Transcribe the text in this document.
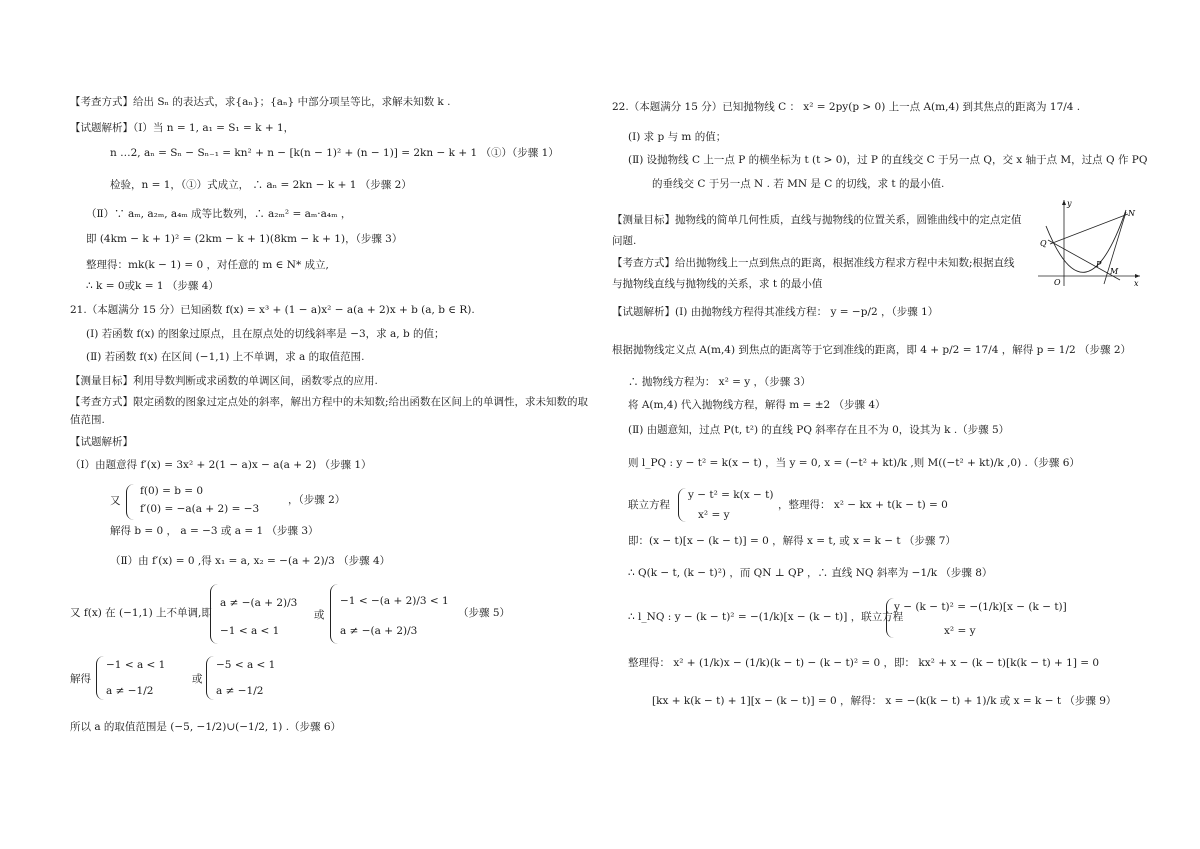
【考查方式】给出 Sₙ 的表达式，求{aₙ}；{aₙ} 中部分项呈等比，求解未知数 k .
【试题解析】（Ⅰ）当 n = 1, a₁ = S₁ = k + 1，
n …2, aₙ = Sₙ − Sₙ₋₁ = kn² + n − [k(n − 1)² + (n − 1)] = 2kn − k + 1 （①）（步骤 1）
检验，n = 1，（①）式成立， ∴ aₙ = 2kn − k + 1 （步骤 2）
（Ⅱ）∵ aₘ, a₂ₘ, a₄ₘ 成等比数列，∴ a₂ₘ² = aₘ·a₄ₘ ，
即 (4km − k + 1)² = (2km − k + 1)(8km − k + 1)，（步骤 3）
整理得：mk(k − 1) = 0 ，对任意的 m ∈ N* 成立,
∴ k = 0或k = 1 （步骤 4）
21.（本题满分 15 分）已知函数 f(x) = x³ + (1 − a)x² − a(a + 2)x + b (a, b ∈ R).
(Ⅰ) 若函数 f(x) 的图象过原点，且在原点处的切线斜率是 −3，求 a, b 的值；
(Ⅱ) 若函数 f(x) 在区间 (−1,1) 上不单调，求 a 的取值范围.
【测量目标】利用导数判断或求函数的单调区间，函数零点的应用.
【考查方式】限定函数的图象过定点处的斜率，解出方程中的未知数;给出函数在区间上的单调性，求未知数的取
值范围.
【试题解析】
（Ⅰ）由题意得 f′(x) = 3x² + 2(1 − a)x − a(a + 2) （步骤 1）
又
f(0) = b = 0
f′(0) = −a(a + 2) = −3
，（步骤 2）
解得 b = 0 ， a = −3 或 a = 1 （步骤 3）
（Ⅱ）由 f′(x) = 0 ,得 x₁ = a, x₂ = −(a + 2)/3 （步骤 4）
又 f(x) 在 (−1,1) 上不单调,即
a ≠ −(a + 2)/3
−1 < a < 1
或
−1 < −(a + 2)/3 < 1
a ≠ −(a + 2)/3
（步骤 5）
解得
−1 < a < 1
a ≠ −1/2
或
−5 < a < 1
a ≠ −1/2
所以 a 的取值范围是 (−5, −1/2)∪(−1/2, 1) .（步骤 6）
22.（本题满分 15 分）已知抛物线 C ： x² = 2py(p > 0) 上一点 A(m,4) 到其焦点的距离为 17/4 .
(Ⅰ) 求 p 与 m 的值；
(Ⅱ) 设抛物线 C 上一点 P 的横坐标为 t (t > 0)，过 P 的直线交 C 于另一点 Q，交 x 轴于点 M，过点 Q 作 PQ
的垂线交 C 于另一点 N . 若 MN 是 C 的切线，求 t 的最小值.
【测量目标】抛物线的简单几何性质，直线与抛物线的位置关系，圆锥曲线中的定点定值
问题.
【考查方式】给出抛物线上一点到焦点的距离，根据准线方程求方程中未知数;根据直线
与抛物线直线与抛物线的关系，求 t 的最小值
【试题解析】(Ⅰ) 由抛物线方程得其准线方程： y = −p/2 ，（步骤 1）
根据抛物线定义点 A(m,4) 到焦点的距离等于它到准线的距离，即 4 + p/2 = 17/4 ，解得 p = 1/2 （步骤 2）
∴ 抛物线方程为： x² = y ，（步骤 3）
将 A(m,4) 代入抛物线方程，解得 m = ±2 （步骤 4）
(Ⅱ) 由题意知，过点 P(t, t²) 的直线 PQ 斜率存在且不为 0，设其为 k .（步骤 5）
则 l_PQ : y − t² = k(x − t) ，当 y = 0, x = (−t² + kt)/k ,则 M((−t² + kt)/k ,0) .（步骤 6）
联立方程
y − t² = k(x − t)
x² = y
，整理得： x² − kx + t(k − t) = 0
即：(x − t)[x − (k − t)] = 0 ，解得 x = t, 或 x = k − t （步骤 7）
∴ Q(k − t, (k − t)²) ，而 QN ⊥ QP ，∴ 直线 NQ 斜率为 −1/k （步骤 8）
∴ l_NQ : y − (k − t)² = −(1/k)[x − (k − t)] ，联立方程
y − (k − t)² = −(1/k)[x − (k − t)]
x² = y
整理得： x² + (1/k)x − (1/k)(k − t) − (k − t)² = 0 ，即： kx² + x − (k − t)[k(k − t) + 1] = 0
[kx + k(k − t) + 1][x − (k − t)] = 0 ，解得： x = −(k(k − t) + 1)/k 或 x = k − t （步骤 9）
y
x
N
Q
P
M
O
